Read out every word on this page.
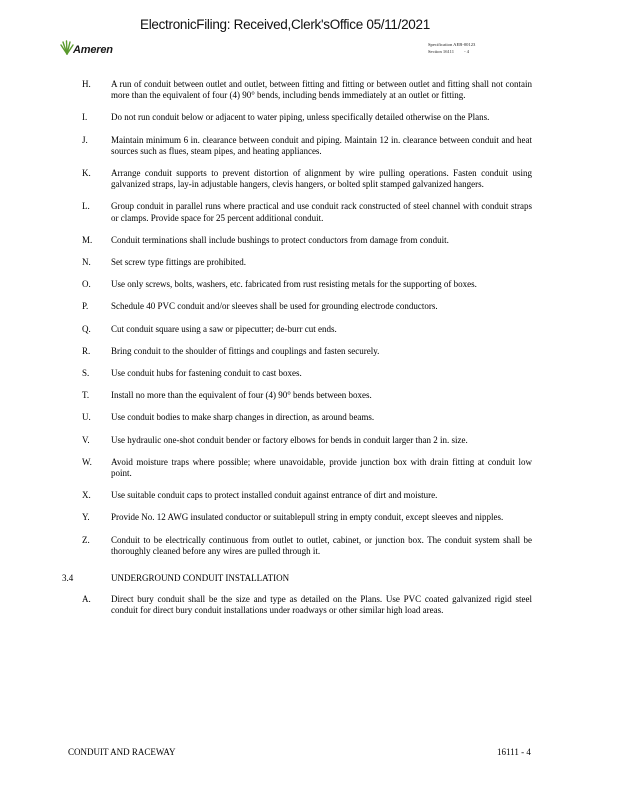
ElectronicFiling: Received,Clerk'sOffice 05/11/2021
Ameren	Specification AEB-00123
Section 16111 - 4
H. A run of conduit between outlet and outlet, between fitting and fitting or between outlet and fitting shall not contain more than the equivalent of four (4) 90° bends, including bends immediately at an outlet or fitting.
I.	Do not run conduit below or adjacent to water piping, unless specifically detailed otherwise on the Plans.
J.	Maintain minimum 6 in. clearance between conduit and piping. Maintain 12 in. clearance between conduit and heat sources such as flues, steam pipes, and heating appliances.
K. Arrange conduit supports to prevent distortion of alignment by wire pulling operations. Fasten conduit using galvanized straps, lay-in adjustable hangers, clevis hangers, or bolted split stamped galvanized hangers.
L. Group conduit in parallel runs where practical and use conduit rack constructed of steel channel with conduit straps or clamps. Provide space for 25 percent additional conduit.
M. Conduit terminations shall include bushings to protect conductors from damage from conduit.
N. Set screw type fittings are prohibited.
O. Use only screws, bolts, washers, etc. fabricated from rust resisting metals for the supporting of boxes.
P.	Schedule 40 PVC conduit and/or sleeves shall be used for grounding electrode conductors.
Q. Cut conduit square using a saw or pipecutter; de-burr cut ends.
R. Bring conduit to the shoulder of fittings and couplings and fasten securely.
S. Use conduit hubs for fastening conduit to cast boxes.
T. Install no more than the equivalent of four (4) 90° bends between boxes.
U. Use conduit bodies to make sharp changes in direction, as around beams.
V. Use hydraulic one-shot conduit bender or factory elbows for bends in conduit larger than 2 in. size.
W. Avoid moisture traps where possible; where unavoidable, provide junction box with drain fitting at conduit low point.
X. Use suitable conduit caps to protect installed conduit against entrance of dirt and moisture.
Y. Provide No. 12 AWG insulated conductor or suitablepull string in empty conduit, except sleeves and nipples.
Z. Conduit to be electrically continuous from outlet to outlet, cabinet, or junction box. The conduit system shall be thoroughly cleaned before any wires are pulled through it.
3.4	UNDERGROUND CONDUIT INSTALLATION
A. Direct bury conduit shall be the size and type as detailed on the Plans. Use PVC coated galvanized rigid steel conduit for direct bury conduit installations under roadways or other similar high load areas.
CONDUIT AND RACEWAY	16111 - 4
